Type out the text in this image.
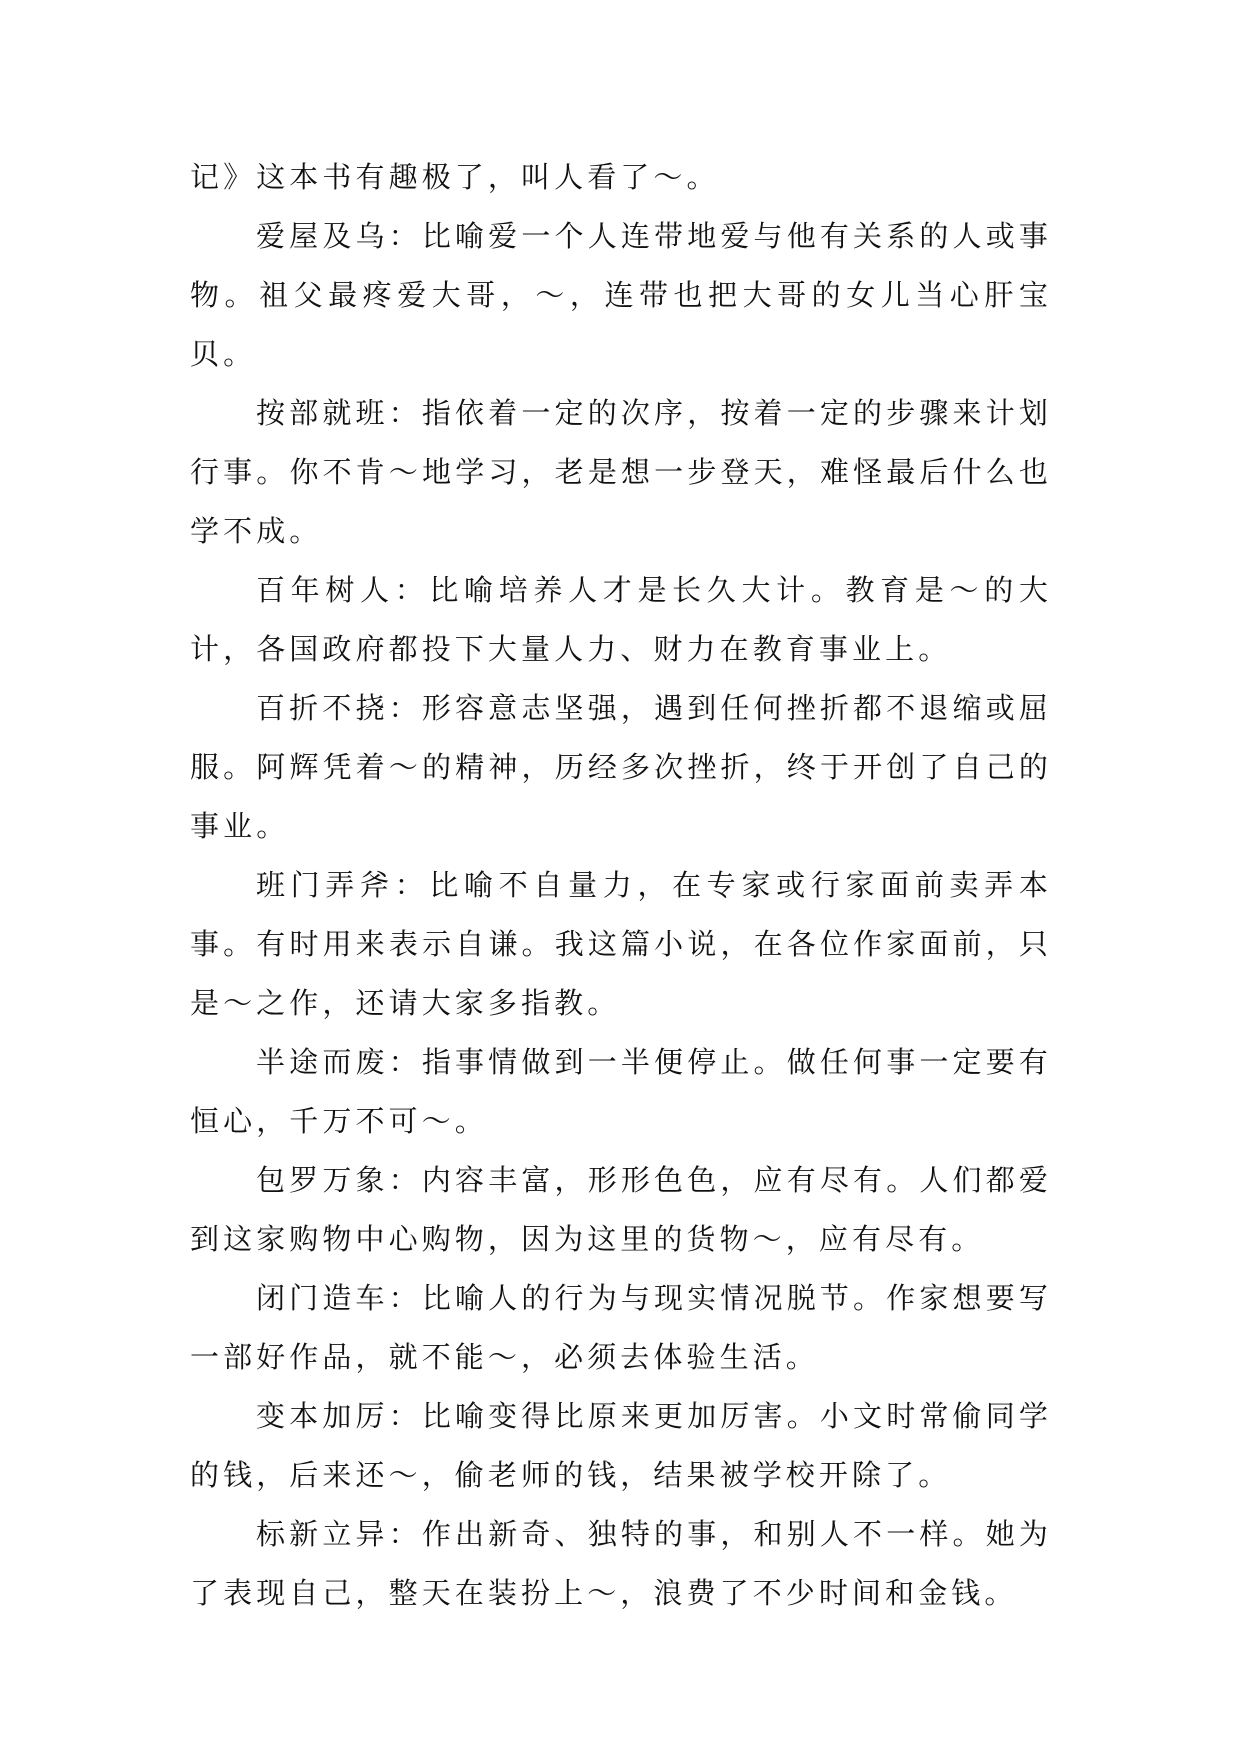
记》这本书有趣极了，叫人看了～。

爱屋及乌：比喻爱一个人连带地爱与他有关系的人或事物。祖父最疼爱大哥，～，连带也把大哥的女儿当心肝宝贝。

按部就班：指依着一定的次序，按着一定的步骤来计划行事。你不肯～地学习，老是想一步登天，难怪最后什么也学不成。

百年树人：比喻培养人才是长久大计。教育是～的大计，各国政府都投下大量人力、财力在教育事业上。

百折不挠：形容意志坚强，遇到任何挫折都不退缩或屈服。阿辉凭着～的精神，历经多次挫折，终于开创了自己的事业。

班门弄斧：比喻不自量力，在专家或行家面前卖弄本事。有时用来表示自谦。我这篇小说，在各位作家面前，只是～之作，还请大家多指教。

半途而废：指事情做到一半便停止。做任何事一定要有恒心，千万不可～。

包罗万象：内容丰富，形形色色，应有尽有。人们都爱到这家购物中心购物，因为这里的货物～，应有尽有。

闭门造车：比喻人的行为与现实情况脱节。作家想要写一部好作品，就不能～，必须去体验生活。

变本加厉：比喻变得比原来更加厉害。小文时常偷同学的钱，后来还～，偷老师的钱，结果被学校开除了。

标新立异：作出新奇、独特的事，和别人不一样。她为了表现自己，整天在装扮上～，浪费了不少时间和金钱。
